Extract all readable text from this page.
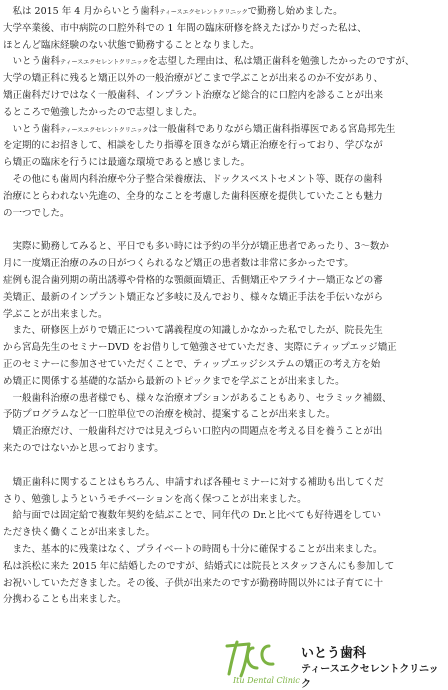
　私は 2015 年 4 月からいとう歯科ティースエクセレントクリニックで勤務し始めました。
大学卒業後、市中病院の口腔外科での 1 年間の臨床研修を終えたばかりだった私は、
ほとんど臨床経験のない状態で勤務することとなりました。
　いとう歯科ティースエクセレントクリニックを志望した理由は、私は矯正歯科を勉強したかったのですが、
大学の矯正科に残ると矯正以外の一般治療がどこまで学ぶことが出来るのか不安があり、
矯正歯科だけではなく一般歯科、インプラント治療など総合的に口腔内を診ることが出来
るところで勉強したかったので志望しました。
　いとう歯科ティースエクセレントクリニックは一般歯科でありながら矯正歯科指導医である宮島邦先生
を定期的にお招きして、相談をしたり指導を頂きながら矯正治療を行っており、学びなが
ら矯正の臨床を行うには最適な環境であると感じました。
　その他にも歯周内科治療や分子整合栄養療法、ドックスベストセメント等、既存の歯科
治療にとらわれない先進の、全身的なことを考慮した歯科医療を提供していたことも魅力
の一つでした。
　実際に勤務してみると、平日でも多い時には予約の半分が矯正患者であったり、3～数か
月に一度矯正治療のみの日がつくられるなど矯正の患者数は非常に多かったです。
症例も混合歯列期の萌出誘導や骨格的な顎顔面矯正、舌側矯正やアライナー矯正などの審
美矯正、最新のインプラント矯正など多岐に及んでおり、様々な矯正手法を手伝いながら
学ぶことが出来ました。
　また、研修医上がりで矯正について講義程度の知識しかなかった私でしたが、院長先生
から宮島先生のセミナーDVD をお借りして勉強させていただき、実際にティップエッジ矯正
正のセミナーに参加させていただくことで、ティップエッジシステムの矯正の考え方を始
め矯正に関係する基礎的な話から最新のトピックまでを学ぶことが出来ました。
　一般歯科治療の患者様でも、様々な治療オプションがあることもあり、セラミック補綴、
予防プログラムなど一口腔単位での治療を検討、提案することが出来ました。
　矯正治療だけ、一般歯科だけでは見えづらい口腔内の問題点を考える目を養うことが出
来たのではないかと思っております。
　矯正歯科に関することはもちろん、申請すれば各種セミナーに対する補助も出してくだ
さり、勉強しようというモチベーションを高く保つことが出来ました。
　給与面では固定給で複数年契約を結ぶことで、同年代の Dr.と比べても好待遇をしてい
ただき快く働くことが出来ました。
　また、基本的に残業はなく、プライベートの時間も十分に確保することが出来ました。
私は浜松に来た 2015 年に結婚したのですが、結婚式には院長とスタッフさんにも参加して
お祝いしていただきました。その後、子供が出来たのですが勤務時間以外には子育てに十
分携わることも出来ました。
Itu Dental Clinic
いとう歯科
ティースエクセレントクリニック
